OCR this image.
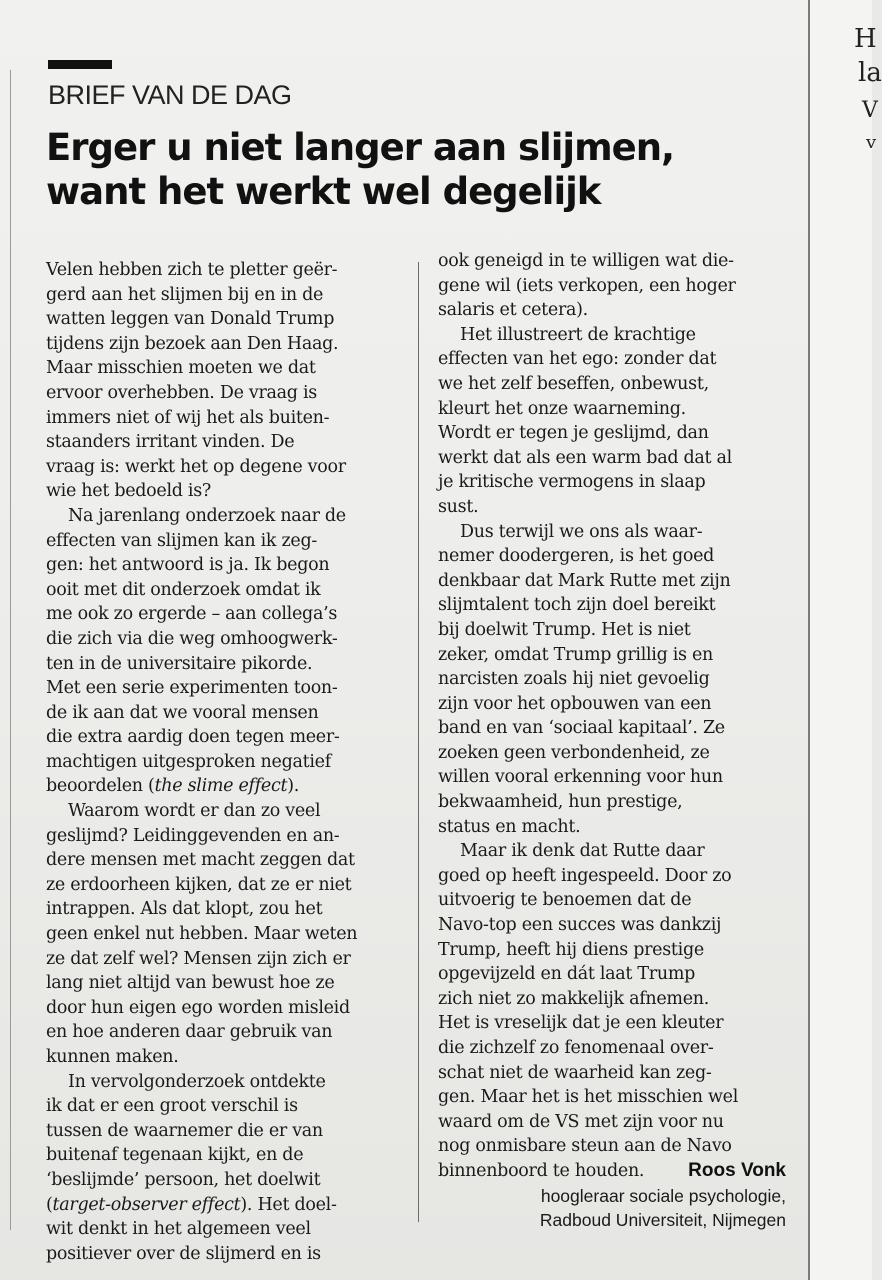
BRIEF VAN DE DAG
Erger u niet langer aan slijmen,
want het werkt wel degelijk
Velen hebben zich te pletter geër-
gerd aan het slijmen bij en in de
watten leggen van Donald Trump
tijdens zijn bezoek aan Den Haag.
Maar misschien moeten we dat
ervoor overhebben. De vraag is
immers niet of wij het als buiten-
staanders irritant vinden. De
vraag is: werkt het op degene voor
wie het bedoeld is?
Na jarenlang onderzoek naar de
effecten van slijmen kan ik zeg-
gen: het antwoord is ja. Ik begon
ooit met dit onderzoek omdat ik
me ook zo ergerde – aan collega’s
die zich via die weg omhoogwerk-
ten in de universitaire pikorde.
Met een serie experimenten toon-
de ik aan dat we vooral mensen
die extra aardig doen tegen meer-
machtigen uitgesproken negatief
beoordelen (the slime effect).
Waarom wordt er dan zo veel
geslijmd? Leidinggevenden en an-
dere mensen met macht zeggen dat
ze erdoorheen kijken, dat ze er niet
intrappen. Als dat klopt, zou het
geen enkel nut hebben. Maar weten
ze dat zelf wel? Mensen zijn zich er
lang niet altijd van bewust hoe ze
door hun eigen ego worden misleid
en hoe anderen daar gebruik van
kunnen maken.
In vervolgonderzoek ontdekte
ik dat er een groot verschil is
tussen de waarnemer die er van
buitenaf tegenaan kijkt, en de
‘beslijmde’ persoon, het doelwit
(target-observer effect). Het doel-
wit denkt in het algemeen veel
positiever over de slijmerd en is
ook geneigd in te willigen wat die-
gene wil (iets verkopen, een hoger
salaris et cetera).
Het illustreert de krachtige
effecten van het ego: zonder dat
we het zelf beseffen, onbewust,
kleurt het onze waarneming.
Wordt er tegen je geslijmd, dan
werkt dat als een warm bad dat al
je kritische vermogens in slaap
sust.
Dus terwijl we ons als waar-
nemer doodergeren, is het goed
denkbaar dat Mark Rutte met zijn
slijmtalent toch zijn doel bereikt
bij doelwit Trump. Het is niet
zeker, omdat Trump grillig is en
narcisten zoals hij niet gevoelig
zijn voor het opbouwen van een
band en van ‘sociaal kapitaal’. Ze
zoeken geen verbondenheid, ze
willen vooral erkenning voor hun
bekwaamheid, hun prestige,
status en macht.
Maar ik denk dat Rutte daar
goed op heeft ingespeeld. Door zo
uitvoerig te benoemen dat de
Navo-top een succes was dankzij
Trump, heeft hij diens prestige
opgevijzeld en dát laat Trump
zich niet zo makkelijk afnemen.
Het is vreselijk dat je een kleuter
die zichzelf zo fenomenaal over-
schat niet de waarheid kan zeg-
gen. Maar het is het misschien wel
waard om de VS met zijn voor nu
nog onmisbare steun aan de Navo
binnenboord te houden.	Roos Vonk
hoogleraar sociale psychologie,
Radboud Universiteit, Nijmegen
H
la
V
v
